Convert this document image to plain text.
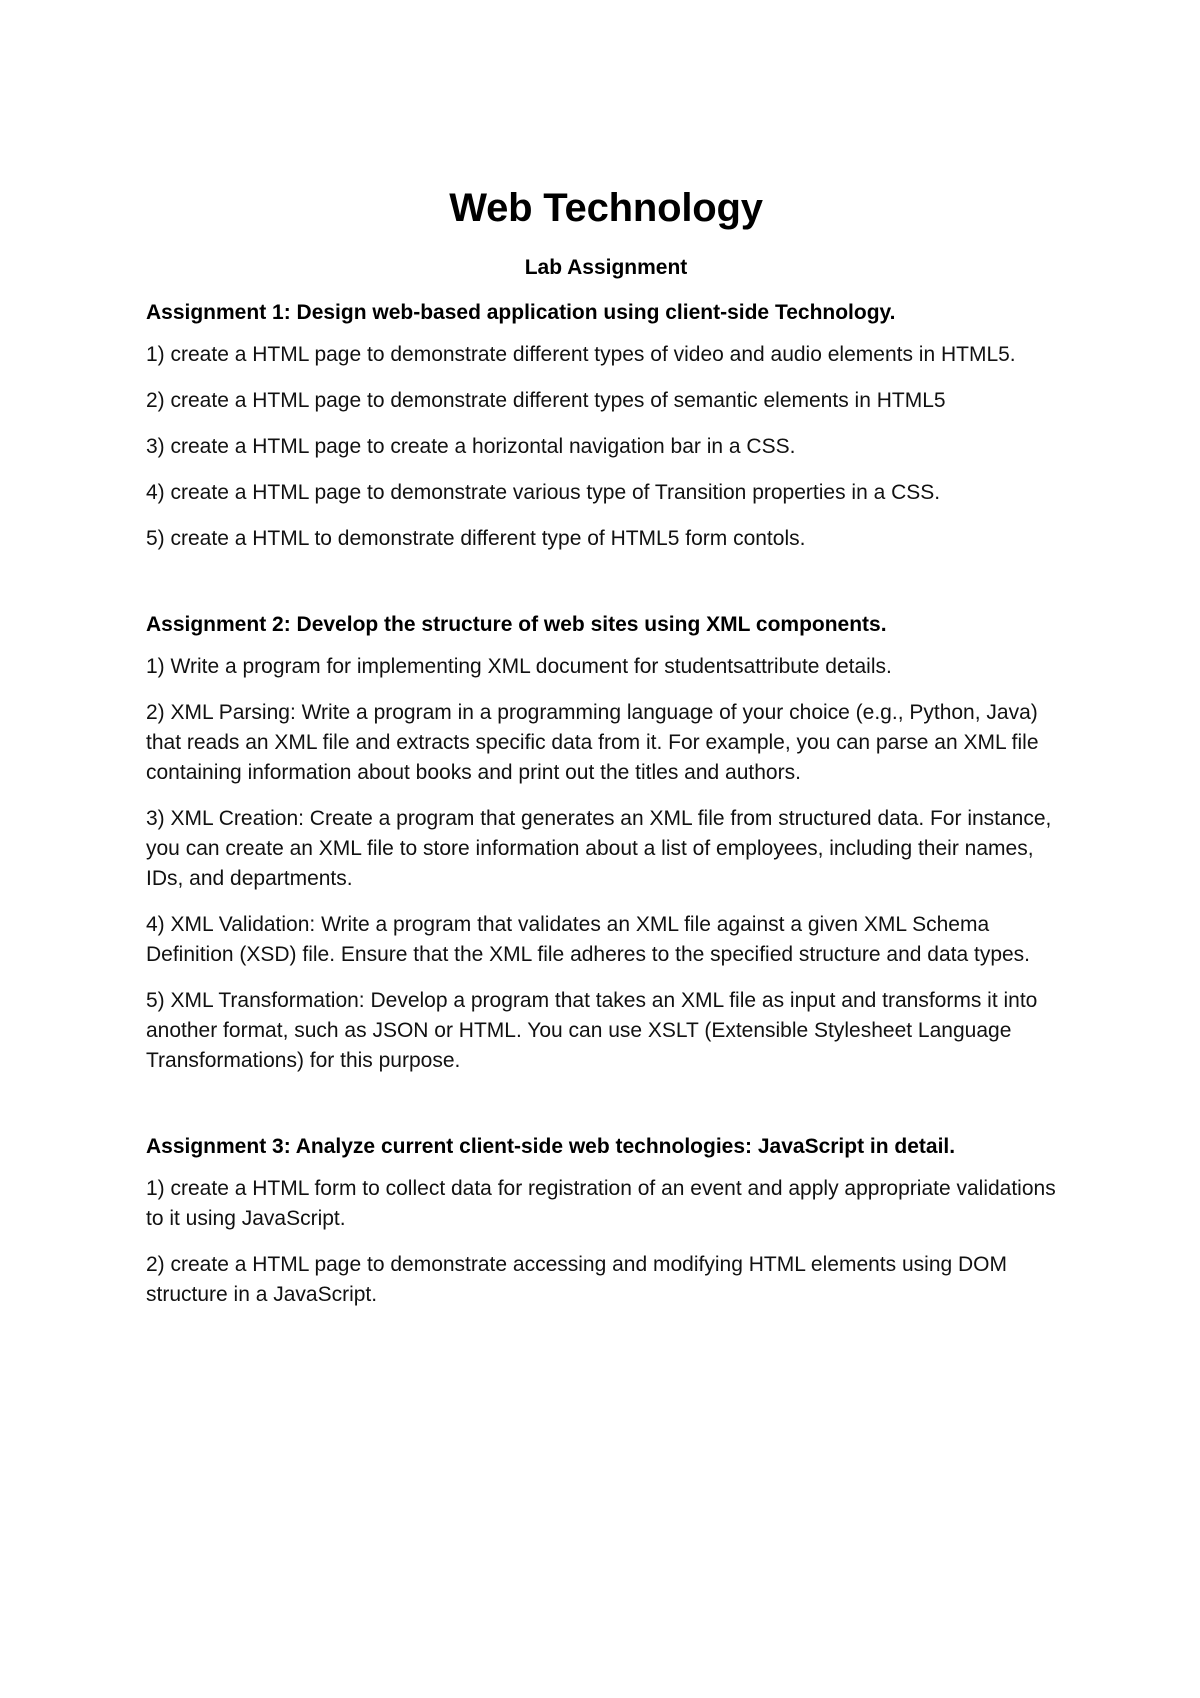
Web Technology
Lab Assignment
Assignment 1: Design web-based application using client-side Technology.
1) create a HTML page to demonstrate different types of video and audio elements in HTML5.
2) create a HTML page to demonstrate different types of semantic elements in HTML5
3) create a HTML page to create a horizontal navigation bar in a CSS.
4) create a HTML page to demonstrate various type of Transition properties in a CSS.
5) create a HTML to demonstrate different type of HTML5 form contols.
Assignment 2: Develop the structure of web sites using XML components.
1) Write a program for implementing XML document for studentsattribute details.
2) XML Parsing: Write a program in a programming language of your choice (e.g., Python, Java) that reads an XML file and extracts specific data from it. For example, you can parse an XML file containing information about books and print out the titles and authors.
3) XML Creation: Create a program that generates an XML file from structured data. For instance, you can create an XML file to store information about a list of employees, including their names, IDs, and departments.
4) XML Validation: Write a program that validates an XML file against a given XML Schema Definition (XSD) file. Ensure that the XML file adheres to the specified structure and data types.
5) XML Transformation: Develop a program that takes an XML file as input and transforms it into another format, such as JSON or HTML. You can use XSLT (Extensible Stylesheet Language Transformations) for this purpose.
Assignment 3: Analyze current client-side web technologies: JavaScript in detail.
1) create a HTML form to collect data for registration of an event and apply appropriate validations to it using JavaScript.
2) create a HTML page to demonstrate accessing and modifying HTML elements using DOM structure in a JavaScript.
